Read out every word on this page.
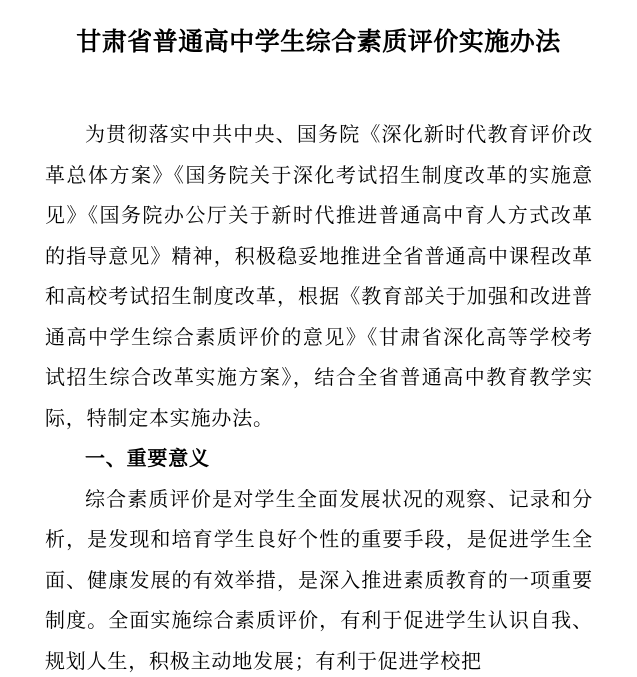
甘肃省普通高中学生综合素质评价实施办法

为贯彻落实中共中央、国务院《深化新时代教育评价改革总体方案》《国务院关于深化考试招生制度改革的实施意见》《国务院办公厅关于新时代推进普通高中育人方式改革的指导意见》精神，积极稳妥地推进全省普通高中课程改革和高校考试招生制度改革，根据《教育部关于加强和改进普通高中学生综合素质评价的意见》《甘肃省深化高等学校考试招生综合改革实施方案》，结合全省普通高中教育教学实际，特制定本实施办法。

一、重要意义

综合素质评价是对学生全面发展状况的观察、记录和分析，是发现和培育学生良好个性的重要手段，是促进学生全面、健康发展的有效举措，是深入推进素质教育的一项重要制度。全面实施综合素质评价，有利于促进学生认识自我、规划人生，积极主动地发展；有利于促进学校把
